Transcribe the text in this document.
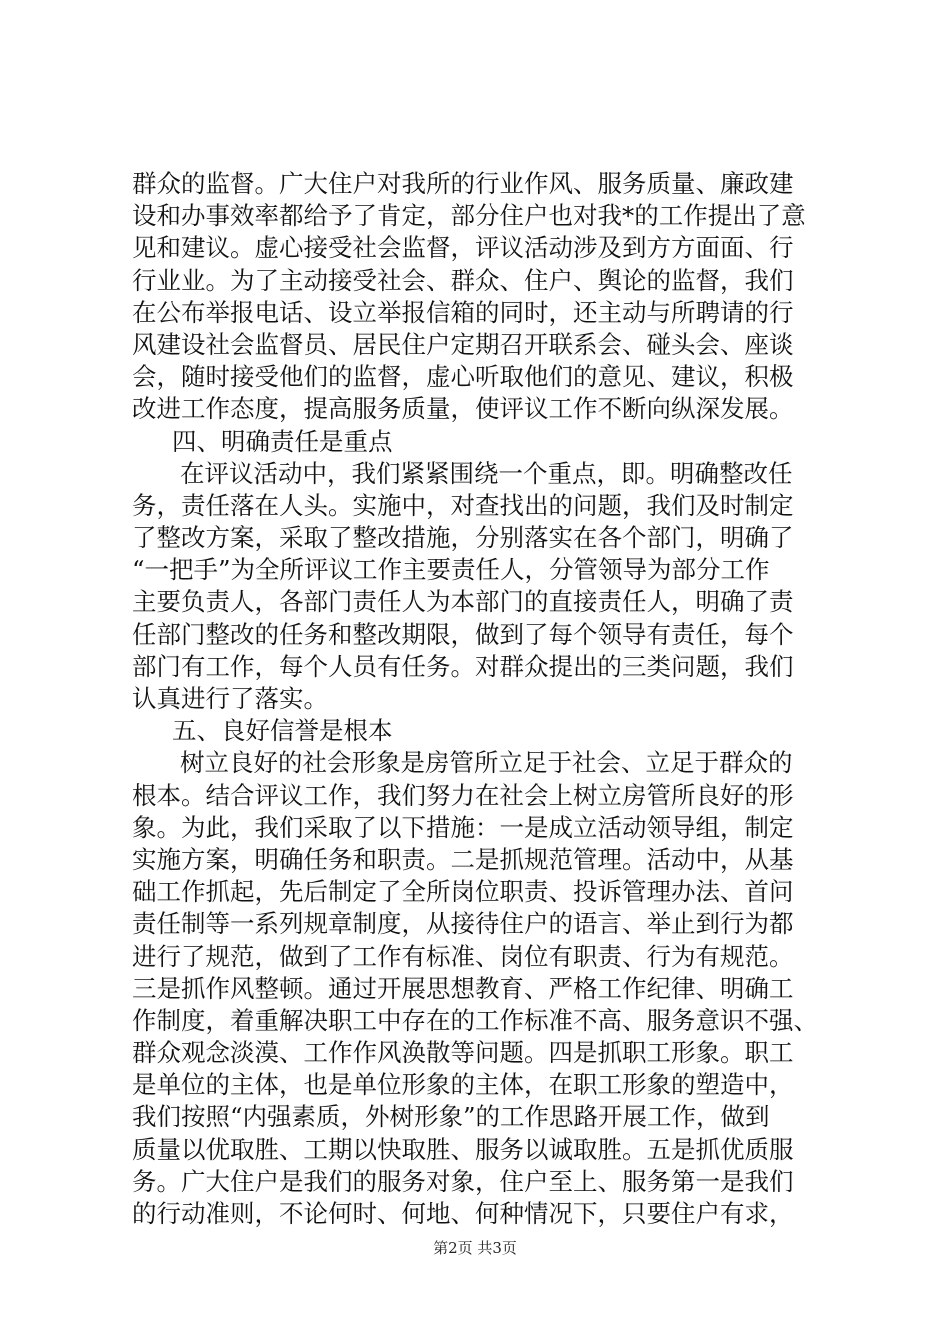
群众的监督。广大住户对我所的行业作风、服务质量、廉政建
设和办事效率都给予了肯定，部分住户也对我*的工作提出了意
见和建议。虚心接受社会监督，评议活动涉及到方方面面、行
行业业。为了主动接受社会、群众、住户、舆论的监督，我们
在公布举报电话、设立举报信箱的同时，还主动与所聘请的行
风建设社会监督员、居民住户定期召开联系会、碰头会、座谈
会，随时接受他们的监督，虚心听取他们的意见、建议，积极
改进工作态度，提高服务质量，使评议工作不断向纵深发展。
四、明确责任是重点
在评议活动中，我们紧紧围绕一个重点，即。明确整改任
务，责任落在人头。实施中，对查找出的问题，我们及时制定
了整改方案，采取了整改措施，分别落实在各个部门，明确了
“一把手”为全所评议工作主要责任人，分管领导为部分工作
主要负责人，各部门责任人为本部门的直接责任人，明确了责
任部门整改的任务和整改期限，做到了每个领导有责任，每个
部门有工作，每个人员有任务。对群众提出的三类问题，我们
认真进行了落实。
五、良好信誉是根本
树立良好的社会形象是房管所立足于社会、立足于群众的
根本。结合评议工作，我们努力在社会上树立房管所良好的形
象。为此，我们采取了以下措施：一是成立活动领导组，制定
实施方案，明确任务和职责。二是抓规范管理。活动中，从基
础工作抓起，先后制定了全所岗位职责、投诉管理办法、首问
责任制等一系列规章制度，从接待住户的语言、举止到行为都
进行了规范，做到了工作有标准、岗位有职责、行为有规范。
三是抓作风整顿。通过开展思想教育、严格工作纪律、明确工
作制度，着重解决职工中存在的工作标准不高、服务意识不强、
群众观念淡漠、工作作风涣散等问题。四是抓职工形象。职工
是单位的主体，也是单位形象的主体，在职工形象的塑造中，
我们按照“内强素质，外树形象”的工作思路开展工作，做到
质量以优取胜、工期以快取胜、服务以诚取胜。五是抓优质服
务。广大住户是我们的服务对象，住户至上、服务第一是我们
的行动准则，不论何时、何地、何种情况下，只要住户有求，
第2页 共3页
